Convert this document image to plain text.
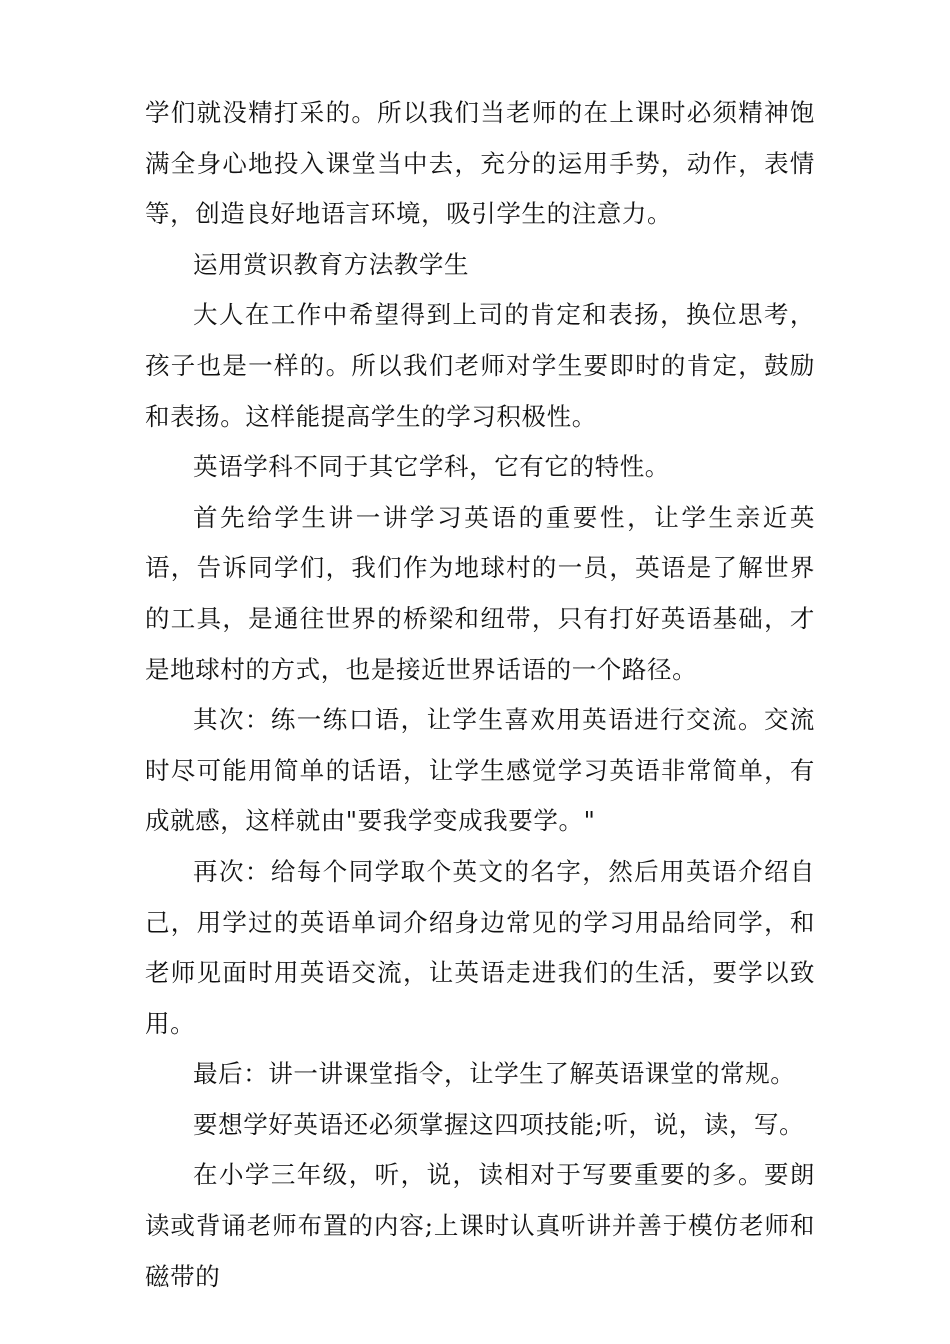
学们就没精打采的。所以我们当老师的在上课时必须精神饱满全身心地投入课堂当中去，充分的运用手势，动作，表情等，创造良好地语言环境，吸引学生的注意力。

运用赏识教育方法教学生

大人在工作中希望得到上司的肯定和表扬，换位思考，孩子也是一样的。所以我们老师对学生要即时的肯定，鼓励和表扬。这样能提高学生的学习积极性。

英语学科不同于其它学科，它有它的特性。

首先给学生讲一讲学习英语的重要性，让学生亲近英语，告诉同学们，我们作为地球村的一员，英语是了解世界的工具，是通往世界的桥梁和纽带，只有打好英语基础，才是地球村的方式，也是接近世界话语的一个路径。

其次：练一练口语，让学生喜欢用英语进行交流。交流时尽可能用简单的话语，让学生感觉学习英语非常简单，有成就感，这样就由"要我学变成我要学。"

再次：给每个同学取个英文的名字，然后用英语介绍自己，用学过的英语单词介绍身边常见的学习用品给同学，和老师见面时用英语交流，让英语走进我们的生活，要学以致用。

最后：讲一讲课堂指令，让学生了解英语课堂的常规。

要想学好英语还必须掌握这四项技能;听，说，读，写。

在小学三年级，听，说，读相对于写要重要的多。要朗读或背诵老师布置的内容;上课时认真听讲并善于模仿老师和磁带的
